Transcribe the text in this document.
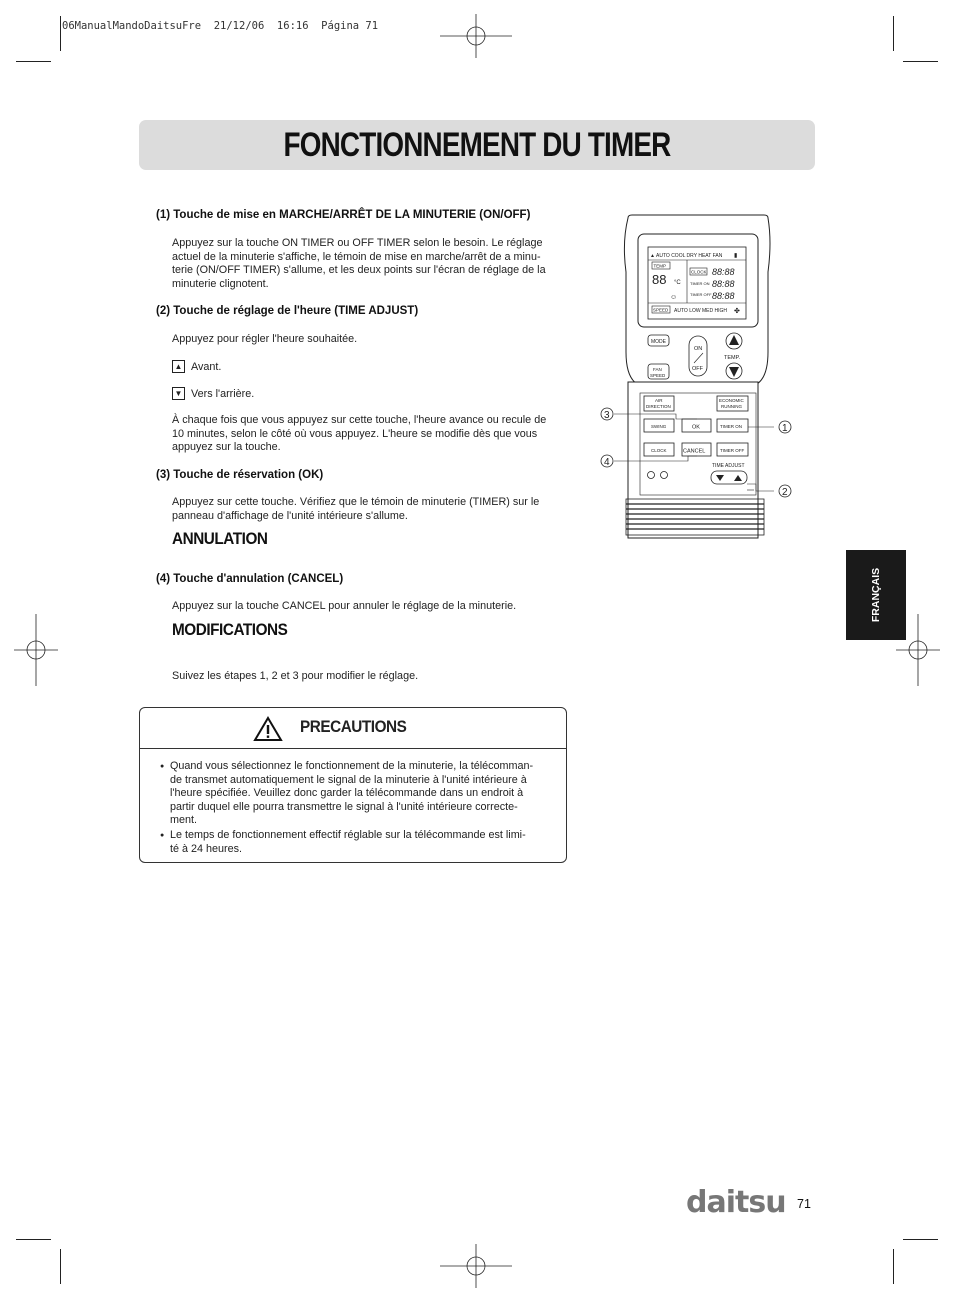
06ManualMandoDaitsuFre  21/12/06  16:16  Página 71
FONCTIONNEMENT DU TIMER
(1) Touche de mise en MARCHE/ARRÊT DE LA MINUTERIE (ON/OFF)
Appuyez sur la touche ON TIMER ou OFF TIMER selon le besoin. Le réglage
actuel de la minuterie s'affiche, le témoin de mise en marche/arrêt de a minu-
terie (ON/OFF TIMER) s'allume, et les deux points sur l'écran de réglage de la
minuterie clignotent.
(2) Touche de réglage de l'heure (TIME ADJUST)
Appuyez pour régler l'heure souhaitée.
▲ Avant.
▼ Vers l'arrière.
À chaque fois que vous appuyez sur cette touche, l'heure avance ou recule de
10 minutes, selon le côté où vous appuyez. L'heure se modifie dès que vous
appuyez sur la touche.
(3) Touche de réservation (OK)
Appuyez sur cette touche. Vérifiez que le témoin de minuterie (TIMER) sur le
panneau d'affichage de l'unité intérieure s'allume.
ANNULATION
(4) Touche d'annulation (CANCEL)
Appuyez sur la touche CANCEL pour annuler le réglage de la minuterie.
MODIFICATIONS
Suivez les étapes 1, 2 et 3 pour modifier le réglage.
PRECAUTIONS
● Quand vous sélectionnez le fonctionnement de la minuterie, la télécomman-
de transmet automatiquement le signal de la minuterie à l'unité intérieure à
l'heure spécifiée. Veuillez donc garder la télécommande dans un endroit à
partir duquel elle pourra transmettre le signal à l'unité intérieure correcte-
ment.
● Le temps de fonctionnement effectif réglable sur la télécommande est limi-
té à 24 heures.
▲ AUTO COOL DRY HEAT FAN ▮
TEMP
88 °C
☺
CLOCK
TIMER ON
TIMER OFF
88:88
88:88
88:88
SPEED AUTO LOW MED HIGH ✤
MODE
FAN
SPEED
ON
OFF
TEMP.
AIR
DIRECTION
ECONOMIC
RUNNING
SWING	OK	TIMER ON
CLOCK	CANCEL	TIMER OFF
TIME ADJUST
3
1
4
2
FRANÇAIS
daitsu 71
